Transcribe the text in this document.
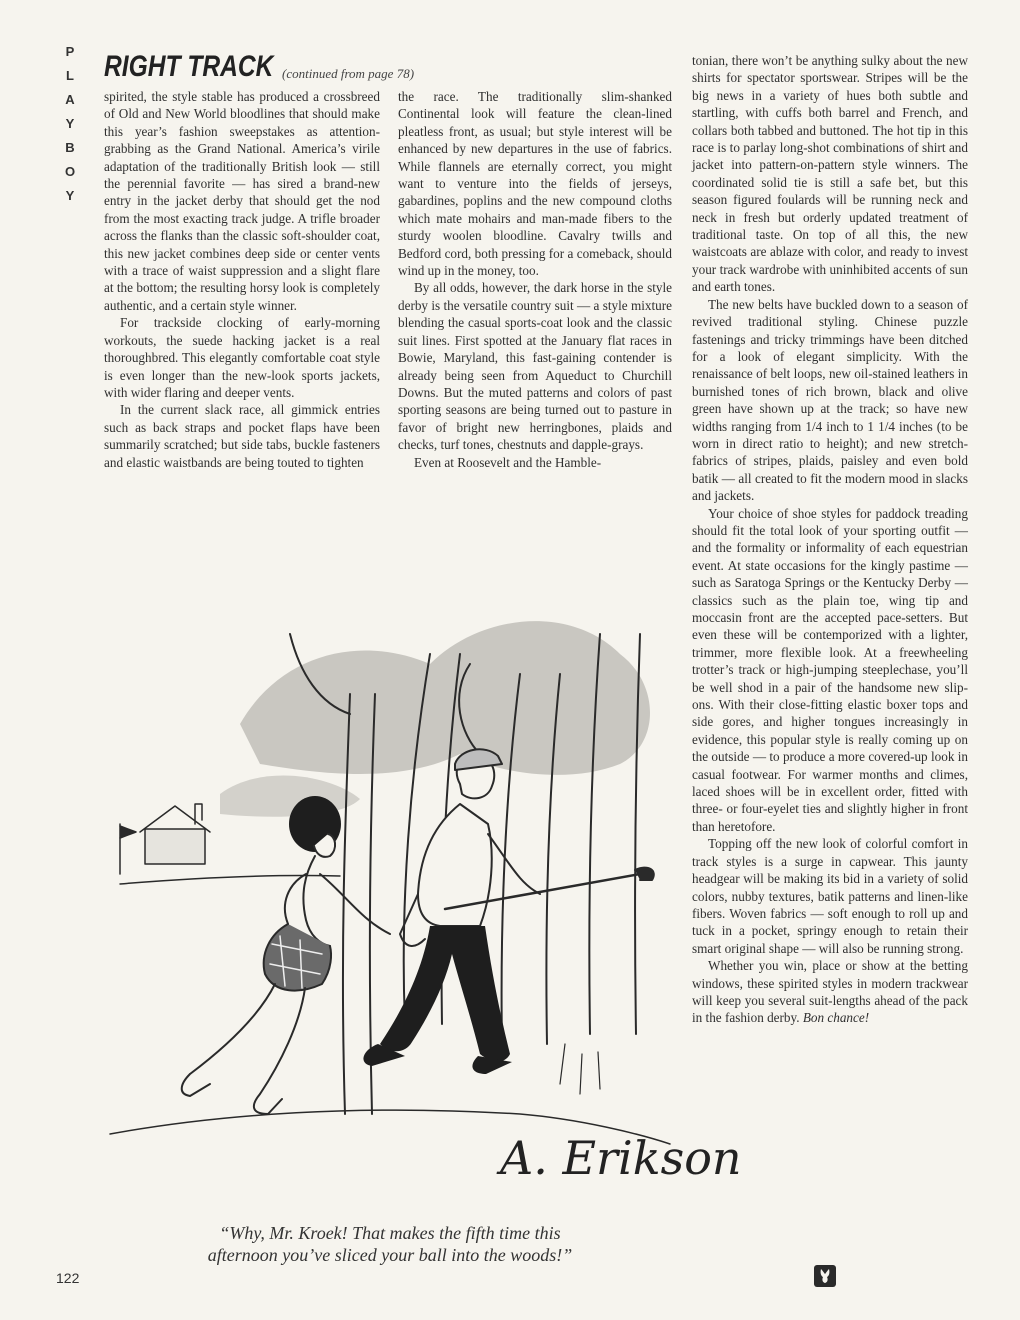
P
L
A
Y
B
O
Y
RIGHT TRACK (continued from page 78)

spirited, the style stable has produced a crossbreed of Old and New World bloodlines that should make this year’s fashion sweepstakes as attention-grabbing as the Grand National. America’s virile adaptation of the traditionally British look — still the perennial favorite — has sired a brand-new entry in the jacket derby that should get the nod from the most exacting track judge. A trifle broader across the flanks than the classic soft-shoulder coat, this new jacket combines deep side or center vents with a trace of waist suppression and a slight flare at the bottom; the resulting horsy look is completely authentic, and a certain style winner.

For trackside clocking of early-morning workouts, the suede hacking jacket is a real thoroughbred. This elegantly comfortable coat style is even longer than the new-look sports jackets, with wider flaring and deeper vents.

In the current slack race, all gimmick entries such as back straps and pocket flaps have been summarily scratched; but side tabs, buckle fasteners and elastic waistbands are being touted to tighten

the race. The traditionally slim-shanked Continental look will feature the clean-lined pleatless front, as usual; but style interest will be enhanced by new departures in the use of fabrics. While flannels are eternally correct, you might want to venture into the fields of jerseys, gabardines, poplins and the new compound cloths which mate mohairs and man-made fibers to the sturdy woolen bloodline. Cavalry twills and Bedford cord, both pressing for a comeback, should wind up in the money, too.

By all odds, however, the dark horse in the style derby is the versatile country suit — a style mixture blending the casual sports-coat look and the classic suit lines. First spotted at the January flat races in Bowie, Maryland, this fast-gaining contender is already being seen from Aqueduct to Churchill Downs. But the muted patterns and colors of past sporting seasons are being turned out to pasture in favor of bright new herringbones, plaids and checks, turf tones, chestnuts and dapple-grays.

Even at Roosevelt and the Hamble-

tonian, there won’t be anything sulky about the new shirts for spectator sportswear. Stripes will be the big news in a variety of hues both subtle and startling, with cuffs both barrel and French, and collars both tabbed and buttoned. The hot tip in this race is to parlay long-shot combinations of shirt and jacket into pattern-on-pattern style winners. The coordinated solid tie is still a safe bet, but this season figured foulards will be running neck and neck in fresh but orderly updated treatment of traditional taste. On top of all this, the new waistcoats are ablaze with color, and ready to invest your track wardrobe with uninhibited accents of sun and earth tones.

The new belts have buckled down to a season of revived traditional styling. Chinese puzzle fastenings and tricky trimmings have been ditched for a look of elegant simplicity. With the renaissance of belt loops, new oil-stained leathers in burnished tones of rich brown, black and olive green have shown up at the track; so have new widths ranging from 1/4 inch to 1 1/4 inches (to be worn in direct ratio to height); and new stretch-fabrics of stripes, plaids, paisley and even bold batik — all created to fit the modern mood in slacks and jackets.

Your choice of shoe styles for paddock treading should fit the total look of your sporting outfit — and the formality or informality of each equestrian event. At state occasions for the kingly pastime — such as Saratoga Springs or the Kentucky Derby — classics such as the plain toe, wing tip and moccasin front are the accepted pace-setters. But even these will be contemporized with a lighter, trimmer, more flexible look. At a freewheeling trotter’s track or high-jumping steeplechase, you’ll be well shod in a pair of the handsome new slip-ons. With their close-fitting elastic boxer tops and side gores, and higher tongues increasingly in evidence, this popular style is really coming up on the outside — to produce a more covered-up look in casual footwear. For warmer months and climes, laced shoes will be in excellent order, fitted with three- or four-eyelet ties and slightly higher in front than heretofore.

Topping off the new look of colorful comfort in track styles is a surge in capwear. This jaunty headgear will be making its bid in a variety of solid colors, nubby textures, batik patterns and linen-like fibers. Woven fabrics — soft enough to roll up and tuck in a pocket, springy enough to retain their smart original shape — will also be running strong.

Whether you win, place or show at the betting windows, these spirited styles in modern trackwear will keep you several suit-lengths ahead of the pack in the fashion derby. Bon chance!

A. Erikson
“Why, Mr. Kroek! That makes the fifth time this
afternoon you’ve sliced your ball into the woods!”
122
